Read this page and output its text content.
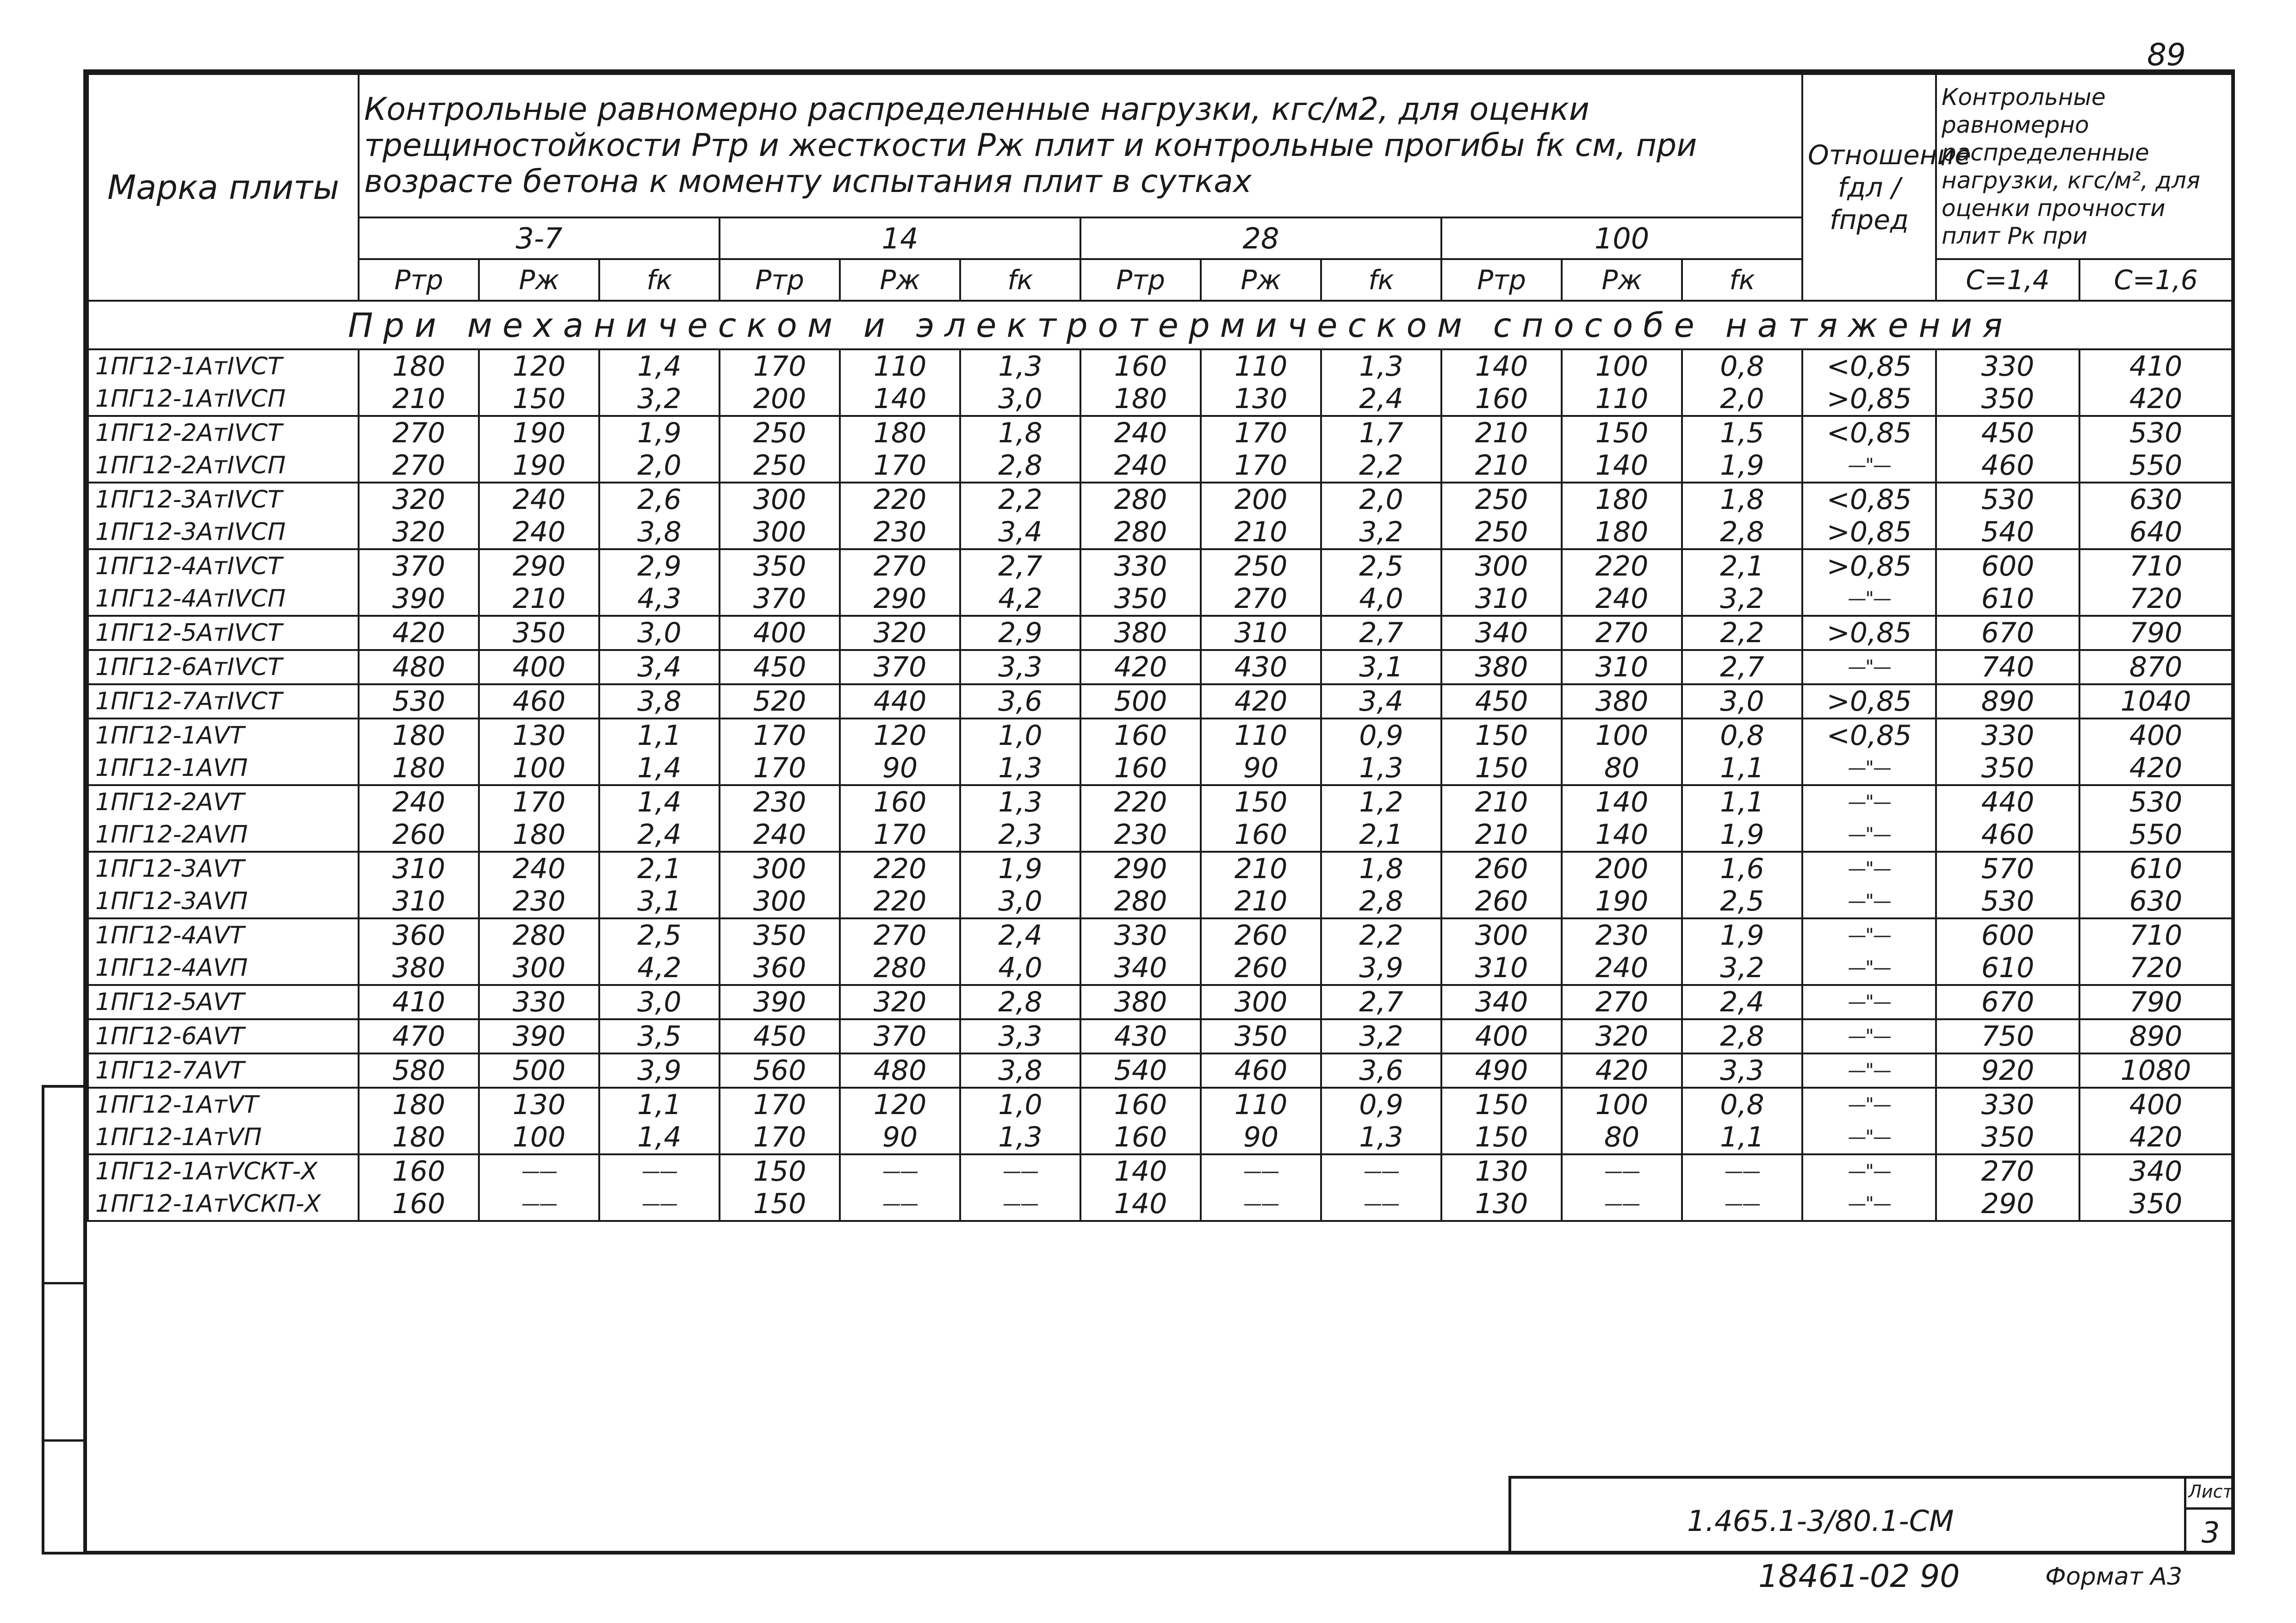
89
Марка плиты	Контрольные равномерно распределенные нагрузки, кгс/м2, для оценки трещиностойкости Ртр и жесткости Рж плит и контрольные прогибы fк см, при возрасте бетона к моменту испытания плит в сутках												Отношение fдл / fпред	Контрольные равномерно распределенные нагрузки, кгс/м², для оценки прочности плит Рк при	
	3-7			14			28			100					
	Ртр	Рж	fк	Ртр	Рж	fк	Ртр	Рж	fк	Ртр	Рж	fк		С=1,4	С=1,6
При механическом и электротермическом способе натяжения															
1ПГ12-1АтIVСТ	180	120	1,4	170	110	1,3	160	110	1,3	140	100	0,8	<0,85	330	410
1ПГ12-1АтIVСП	210	150	3,2	200	140	3,0	180	130	2,4	160	110	2,0	>0,85	350	420
1ПГ12-2АтIVСТ	270	190	1,9	250	180	1,8	240	170	1,7	210	150	1,5	<0,85	450	530
1ПГ12-2АтIVСП	270	190	2,0	250	170	2,8	240	170	2,2	210	140	1,9	—"—	460	550
1ПГ12-3АтIVСТ	320	240	2,6	300	220	2,2	280	200	2,0	250	180	1,8	<0,85	530	630
1ПГ12-3АтIVСП	320	240	3,8	300	230	3,4	280	210	3,2	250	180	2,8	>0,85	540	640
1ПГ12-4АтIVСТ	370	290	2,9	350	270	2,7	330	250	2,5	300	220	2,1	>0,85	600	710
1ПГ12-4АтIVСП	390	210	4,3	370	290	4,2	350	270	4,0	310	240	3,2	—"—	610	720
1ПГ12-5АтIVСТ	420	350	3,0	400	320	2,9	380	310	2,7	340	270	2,2	>0,85	670	790
1ПГ12-6АтIVСТ	480	400	3,4	450	370	3,3	420	430	3,1	380	310	2,7	—"—	740	870
1ПГ12-7АтIVСТ	530	460	3,8	520	440	3,6	500	420	3,4	450	380	3,0	>0,85	890	1040
1ПГ12-1АVТ	180	130	1,1	170	120	1,0	160	110	0,9	150	100	0,8	<0,85	330	400
1ПГ12-1АVП	180	100	1,4	170	90	1,3	160	90	1,3	150	80	1,1	—"—	350	420
1ПГ12-2АVТ	240	170	1,4	230	160	1,3	220	150	1,2	210	140	1,1	—"—	440	530
1ПГ12-2АVП	260	180	2,4	240	170	2,3	230	160	2,1	210	140	1,9	—"—	460	550
1ПГ12-3АVТ	310	240	2,1	300	220	1,9	290	210	1,8	260	200	1,6	—"—	570	610
1ПГ12-3АVП	310	230	3,1	300	220	3,0	280	210	2,8	260	190	2,5	—"—	530	630
1ПГ12-4АVТ	360	280	2,5	350	270	2,4	330	260	2,2	300	230	1,9	—"—	600	710
1ПГ12-4АVП	380	300	4,2	360	280	4,0	340	260	3,9	310	240	3,2	—"—	610	720
1ПГ12-5АVТ	410	330	3,0	390	320	2,8	380	300	2,7	340	270	2,4	—"—	670	790
1ПГ12-6АVТ	470	390	3,5	450	370	3,3	430	350	3,2	400	320	2,8	—"—	750	890
1ПГ12-7АVТ	580	500	3,9	560	480	3,8	540	460	3,6	490	420	3,3	—"—	920	1080
1ПГ12-1АтVТ	180	130	1,1	170	120	1,0	160	110	0,9	150	100	0,8	—"—	330	400
1ПГ12-1АтVП	180	100	1,4	170	90	1,3	160	90	1,3	150	80	1,1	—"—	350	420
1ПГ12-1АтVСКТ-Х	160	——	——	150	——	——	140	——	——	130	——	——	—"—	270	340
1ПГ12-1АтVСКП-Х	160	——	——	150	——	——	140	——	——	130	——	——	—"—	290	350
1.465.1-3/80.1-СМ
Лист
3
18461-02 90	Формат А3
